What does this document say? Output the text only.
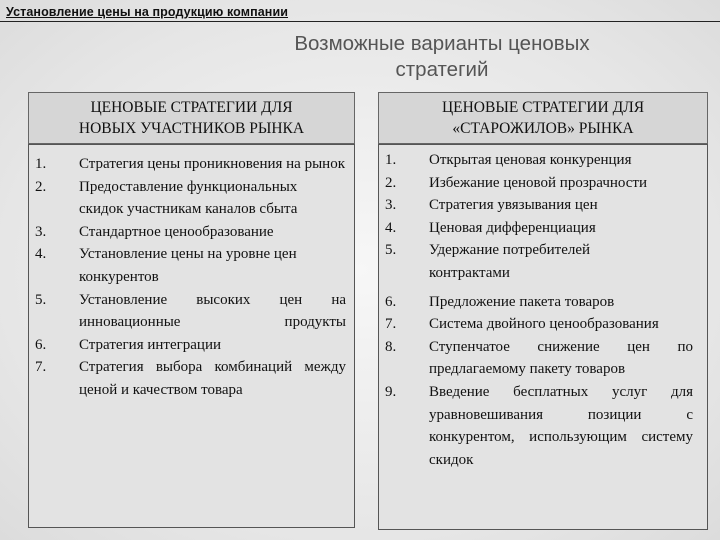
Установление цены на продукцию компании
Возможные варианты ценовых
стратегий
ЦЕНОВЫЕ СТРАТЕГИИ ДЛЯ
НОВЫХ УЧАСТНИКОВ РЫНКА
1. Стратегия цены проникновения на рынок
2. Предоставление функциональных скидок участникам каналов сбыта
3. Стандартное ценообразование
4. Установление цены на уровне цен конкурентов
5. Установление высоких цен на инновационные продукты
6. Стратегия интеграции
7. Стратегия выбора комбинаций между ценой и качеством товара
ЦЕНОВЫЕ СТРАТЕГИИ ДЛЯ
«СТАРОЖИЛОВ» РЫНКА
1. Открытая ценовая конкуренция
2. Избежание ценовой прозрачности
3. Стратегия увязывания цен
4. Ценовая дифференциация
5. Удержание потребителей контрактами
6. Предложение пакета товаров
7. Система двойного ценообразования
8. Ступенчатое снижение цен по предлагаемому пакету товаров
9. Введение бесплатных услуг для уравновешивания позиции с конкурентом, использующим систему скидок
